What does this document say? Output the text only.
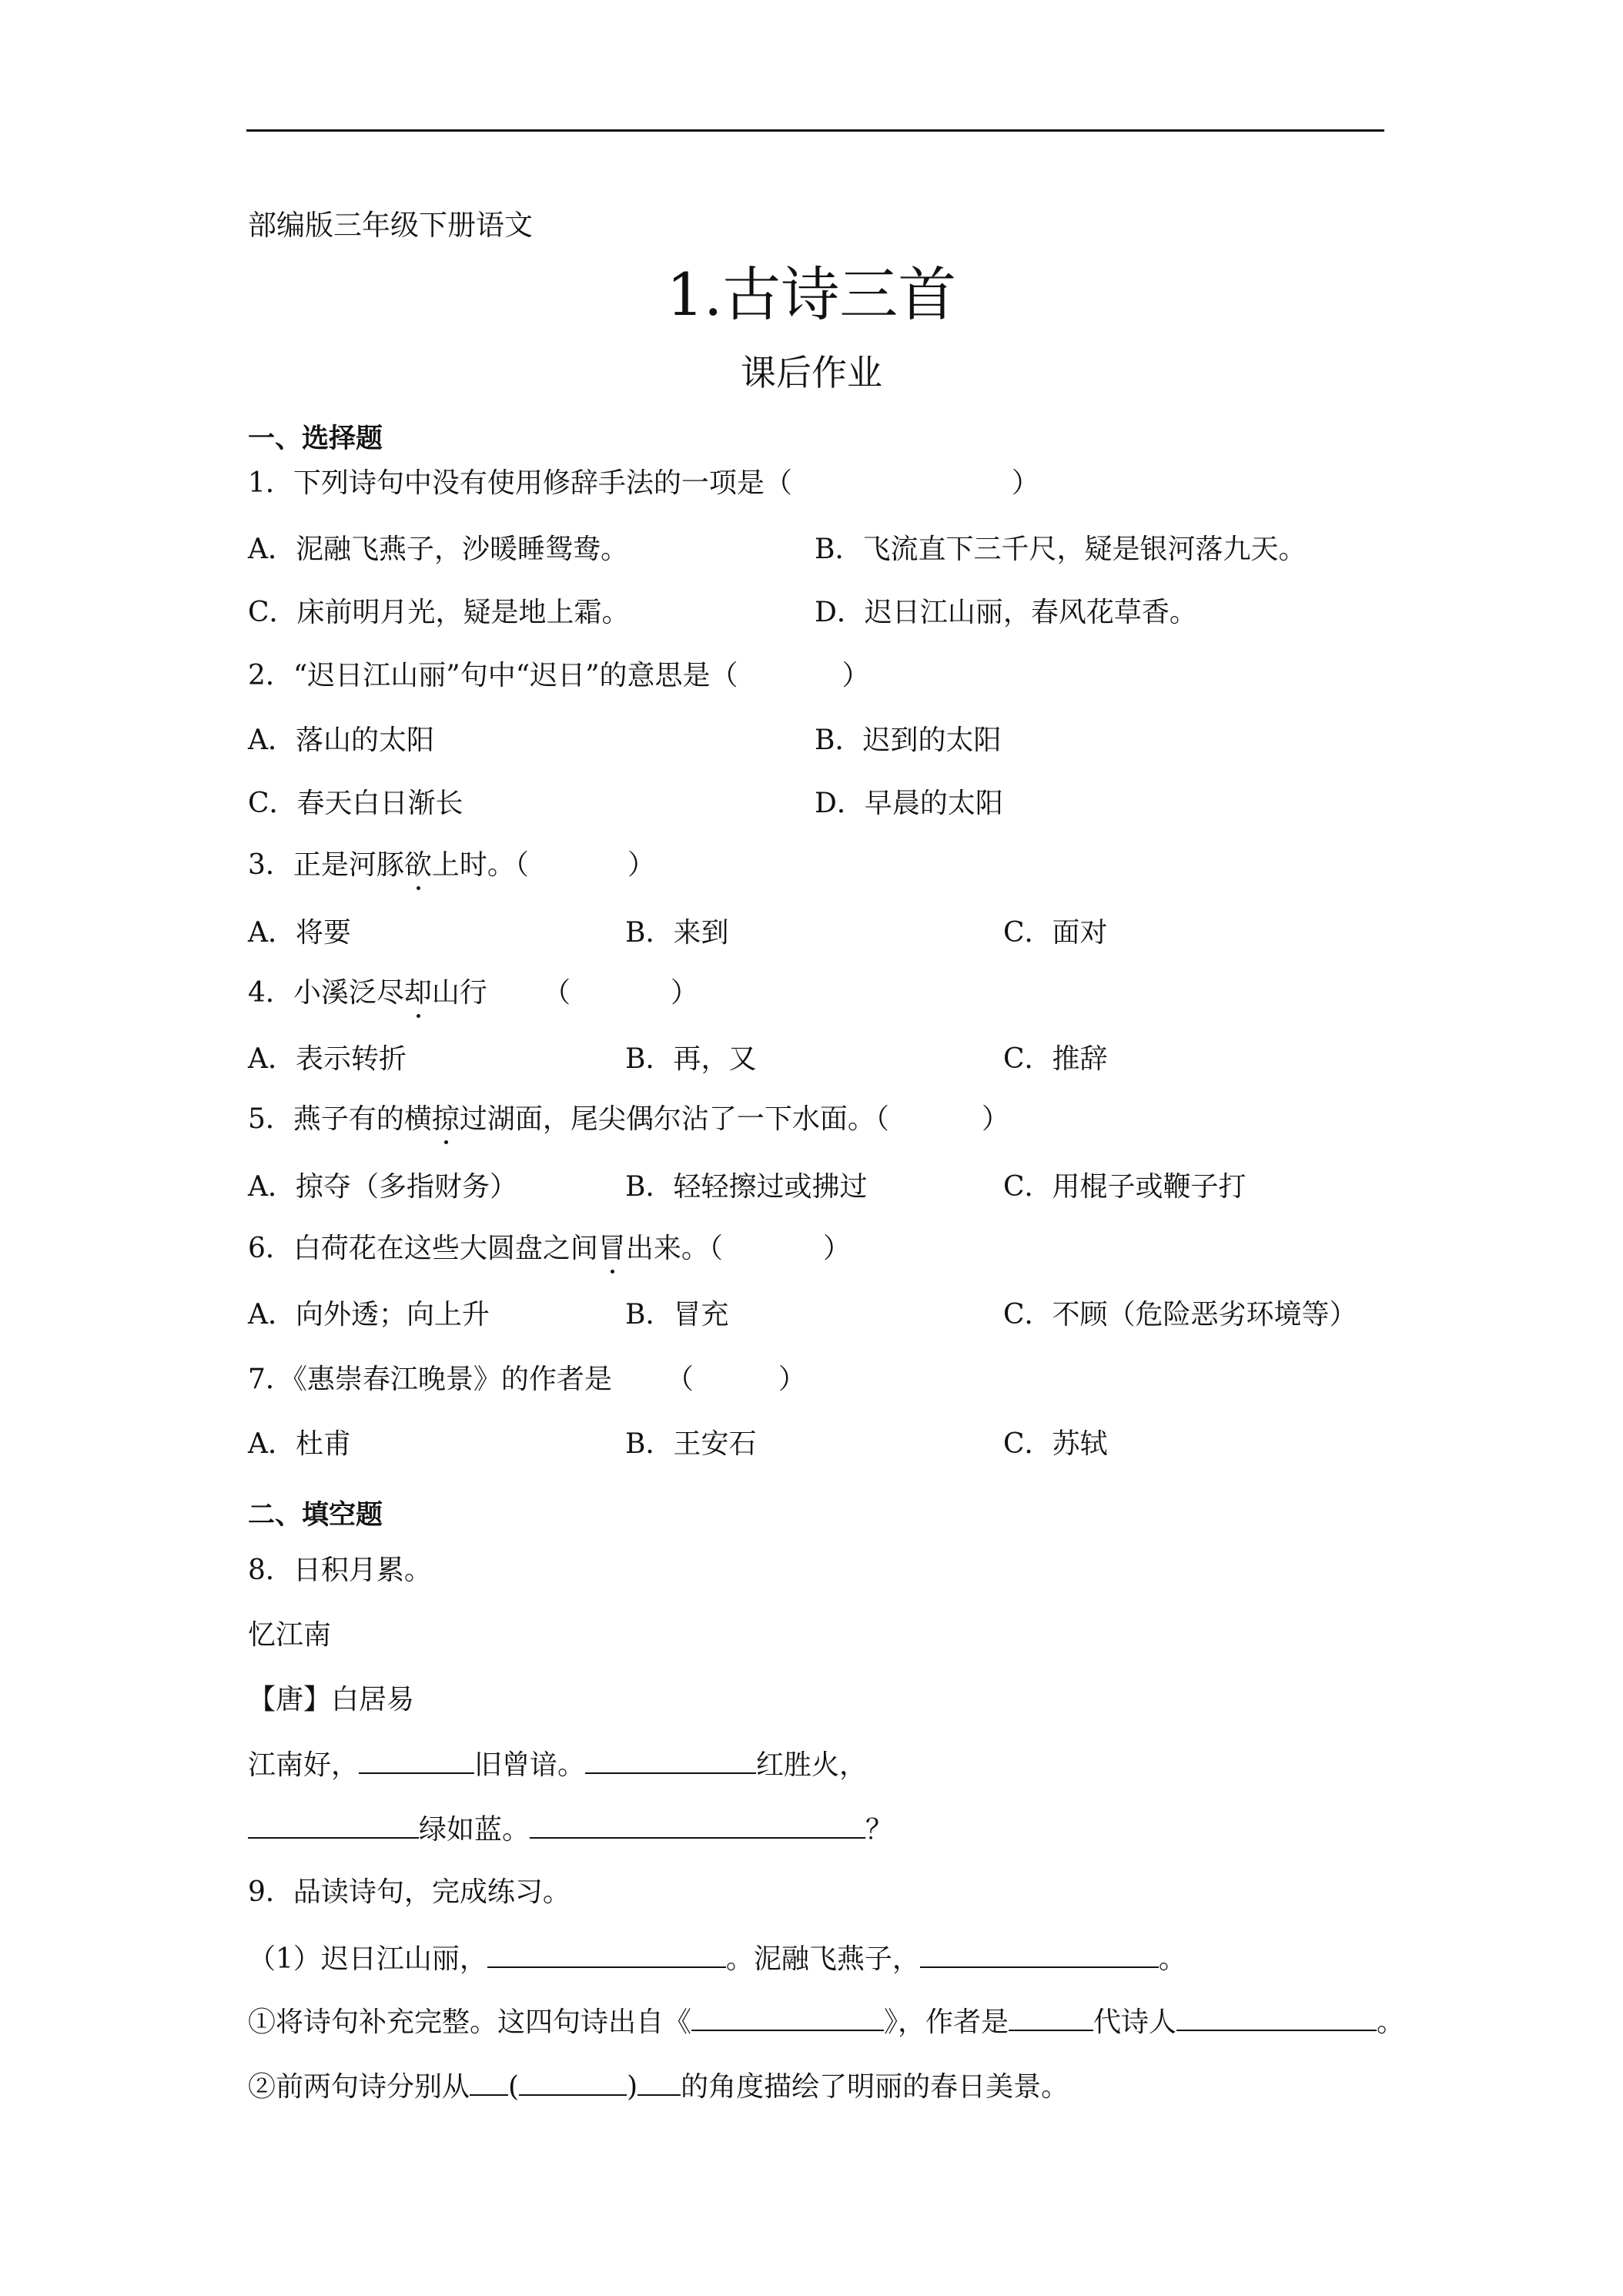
部编版三年级下册语文
1.古诗三首
课后作业
一、选择题
1．下列诗句中没有使用修辞手法的一项是（	）
A．泥融飞燕子，沙暖睡鸳鸯。	B．飞流直下三千尺，疑是银河落九天。
C．床前明月光，疑是地上霜。	D．迟日江山丽，春风花草香。
2．“迟日江山丽”句中“迟日”的意思是（	）
A．落山的太阳	B．迟到的太阳
C．春天白日渐长	D．早晨的太阳
3．正是河豚欲上时。（	）
A．将要	B．来到	C．面对
4．小溪泛尽却山行 （	）
A．表示转折	B．再，又	C．推辞
5．燕子有的横掠过湖面，尾尖偶尔沾了一下水面。（	）
A．掠夺（多指财务）	B．轻轻擦过或拂过	C．用棍子或鞭子打
6．白荷花在这些大圆盘之间冒出来。（	）
A．向外透；向上升	B．冒充	C．不顾（危险恶劣环境等）
7．《惠崇春江晚景》的作者是 （	）
A．杜甫	B．王安石	C．苏轼
二、填空题
8．日积月累。
忆江南
【唐】白居易
江南好，	旧曾谙。	红胜火，
绿如蓝。	？
9．品读诗句，完成练习。
（1）迟日江山丽，	。泥融飞燕子，	。
①将诗句补充完整。这四句诗出自《	》，作者是	代诗人	。
②前两句诗分别从 (	) 的角度描绘了明丽的春日美景。
